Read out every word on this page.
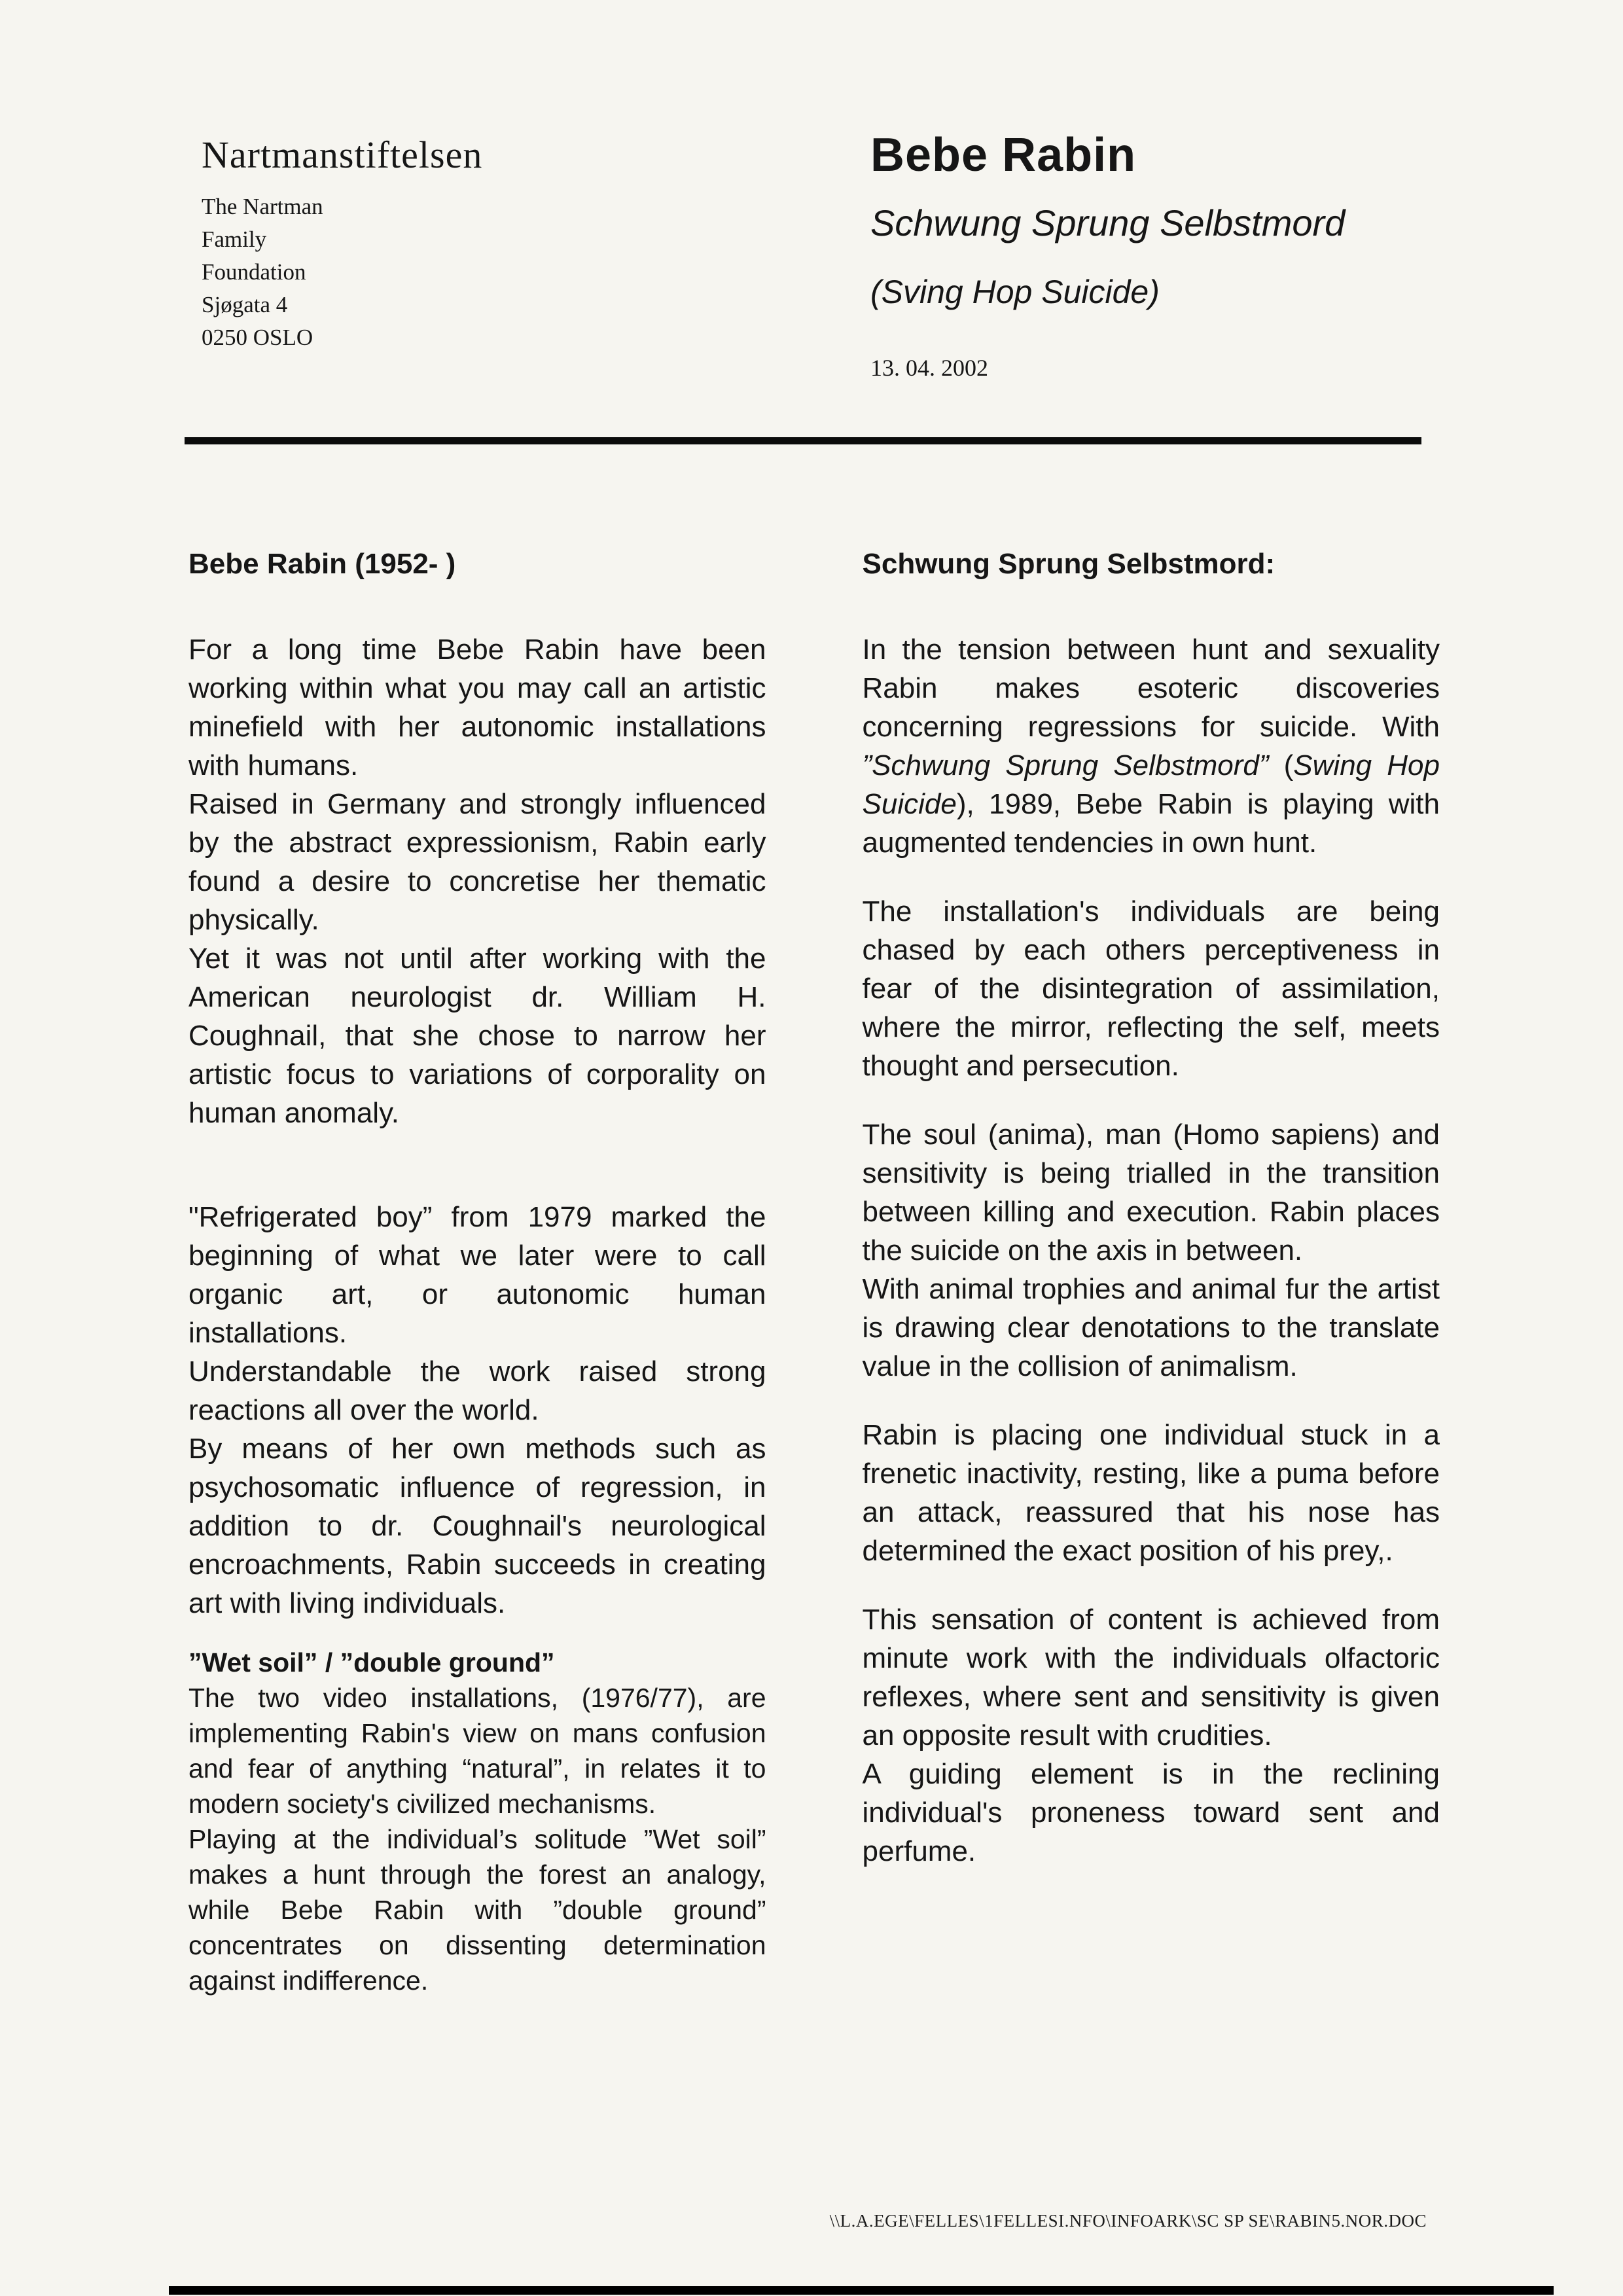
Nartmanstiftelsen
The Nartman
Family
Foundation
Sjøgata 4
0250 OSLO
Bebe Rabin
Schwung Sprung Selbstmord
(Sving Hop Suicide)
13. 04. 2002

Bebe Rabin (1952- )

For a long time Bebe Rabin have been working within what you may call an artistic minefield with her autonomic installations with humans.
Raised in Germany and strongly influenced by the abstract expressionism, Rabin early found a desire to concretise her thematic physically.
Yet it was not until after working with the American neurologist dr. William H. Coughnail, that she chose to narrow her artistic focus to variations of corporality on human anomaly.
"Refrigerated boy” from 1979 marked the beginning of what we later were to call organic art, or autonomic human installations.
Understandable the work raised strong reactions all over the world.
By means of her own methods such as psychosomatic influence of regression, in addition to dr. Coughnail's neurological encroachments, Rabin succeeds in creating art with living individuals.
”Wet soil” / ”double ground”
The two video installations, (1976/77), are implementing Rabin's view on mans confusion and fear of anything “natural”, in relates it to modern society's civilized mechanisms.
Playing at the individual’s solitude ”Wet soil” makes a hunt through the forest an analogy, while Bebe Rabin with ”double ground” concentrates on dissenting determination against indifference.

Schwung Sprung Selbstmord:

In the tension between hunt and sexuality Rabin makes esoteric discoveries concerning regressions for suicide. With ”Schwung Sprung Selbstmord” (Swing Hop Suicide), 1989, Bebe Rabin is playing with augmented tendencies in own hunt.

The installation's individuals are being chased by each others perceptiveness in fear of the disintegration of assimilation, where the mirror, reflecting the self, meets thought and persecution.

The soul (anima), man (Homo sapiens) and sensitivity is being trialled in the transition between killing and execution. Rabin places the suicide on the axis in between.
With animal trophies and animal fur the artist is drawing clear denotations to the translate value in the collision of animalism.

Rabin is placing one individual stuck in a frenetic inactivity, resting, like a puma before an attack, reassured that his nose has determined the exact position of his prey,.

This sensation of content is achieved from minute work with the individuals olfactoric reflexes, where sent and sensitivity is given an opposite result with crudities.
A guiding element is in the reclining individual's proneness toward sent and perfume.
\\L.A.EGE\FELLES\1FELLESI.NFO\INFOARK\SC SP SE\RABIN5.NOR.DOC
